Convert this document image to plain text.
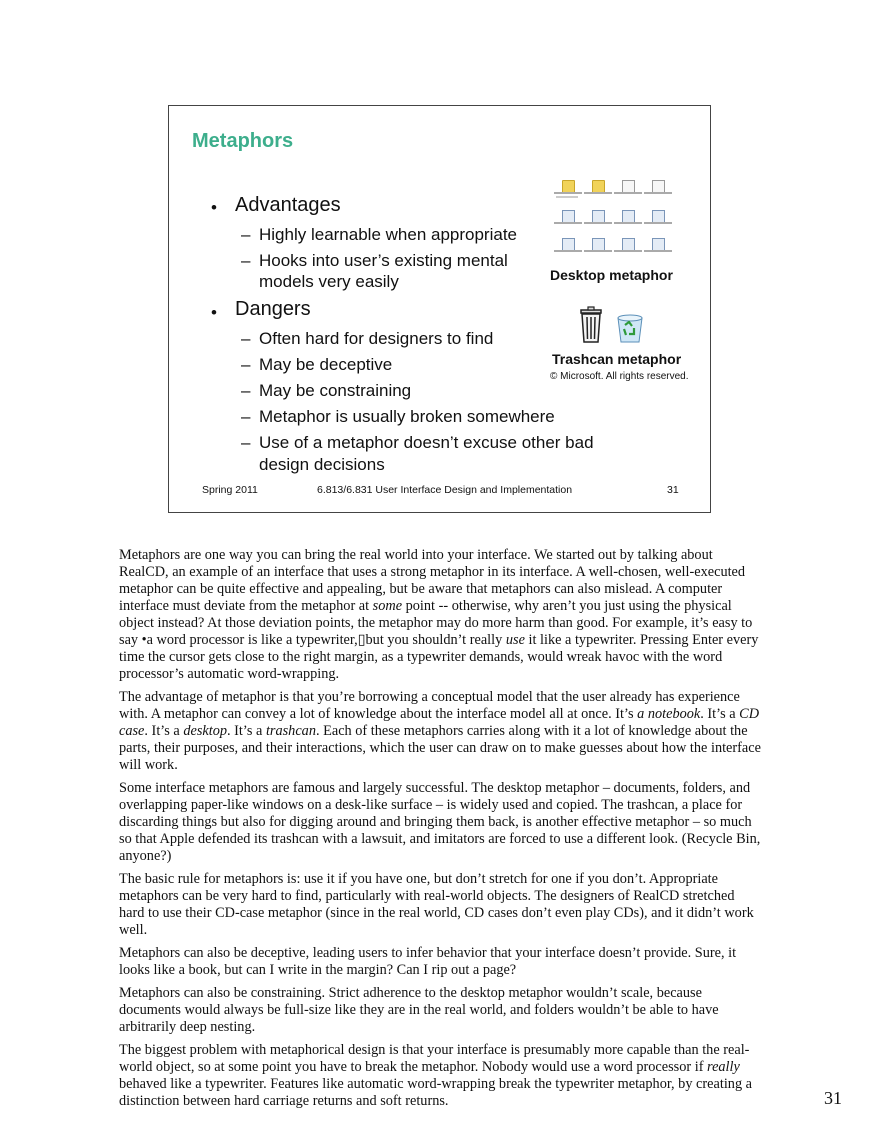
Metaphors
• Advantages
– Highly learnable when appropriate
– Hooks into user’s existing mental
models very easily
• Dangers
– Often hard for designers to find
– May be deceptive
– May be constraining
– Metaphor is usually broken somewhere
– Use of a metaphor doesn’t excuse other bad
design decisions
Desktop metaphor
Trashcan metaphor
© Microsoft. All rights reserved.
Spring 2011	6.813/6.831 User Interface Design and Implementation	31

Metaphors are one way you can bring the real world into your interface. We started out by talking about RealCD, an example of an interface that uses a strong metaphor in its interface. A well-chosen, well-executed metaphor can be quite effective and appealing, but be aware that metaphors can also mislead. A computer interface must deviate from the metaphor at some point -- otherwise, why aren’t you just using the physical object instead? At those deviation points, the metaphor may do more harm than good. For example, it’s easy to say •a word processor is like a typewriter,▯but you shouldn’t really use it like a typewriter. Pressing Enter every time the cursor gets close to the right margin, as a typewriter demands, would wreak havoc with the word processor’s automatic word-wrapping.

The advantage of metaphor is that you’re borrowing a conceptual model that the user already has experience with. A metaphor can convey a lot of knowledge about the interface model all at once. It’s a notebook. It’s a CD case. It’s a desktop. It’s a trashcan. Each of these metaphors carries along with it a lot of knowledge about the parts, their purposes, and their interactions, which the user can draw on to make guesses about how the interface will work.

Some interface metaphors are famous and largely successful. The desktop metaphor – documents, folders, and overlapping paper-like windows on a desk-like surface – is widely used and copied. The trashcan, a place for discarding things but also for digging around and bringing them back, is another effective metaphor – so much so that Apple defended its trashcan with a lawsuit, and imitators are forced to use a different look. (Recycle Bin, anyone?)

The basic rule for metaphors is: use it if you have one, but don’t stretch for one if you don’t. Appropriate metaphors can be very hard to find, particularly with real-world objects. The designers of RealCD stretched hard to use their CD-case metaphor (since in the real world, CD cases don’t even play CDs), and it didn’t work well.

Metaphors can also be deceptive, leading users to infer behavior that your interface doesn’t provide. Sure, it looks like a book, but can I write in the margin? Can I rip out a page?

Metaphors can also be constraining. Strict adherence to the desktop metaphor wouldn’t scale, because documents would always be full-size like they are in the real world, and folders wouldn’t be able to have arbitrarily deep nesting.

The biggest problem with metaphorical design is that your interface is presumably more capable than the real-world object, so at some point you have to break the metaphor. Nobody would use a word processor if really behaved like a typewriter. Features like automatic word-wrapping break the typewriter metaphor, by creating a distinction between hard carriage returns and soft returns.	31
